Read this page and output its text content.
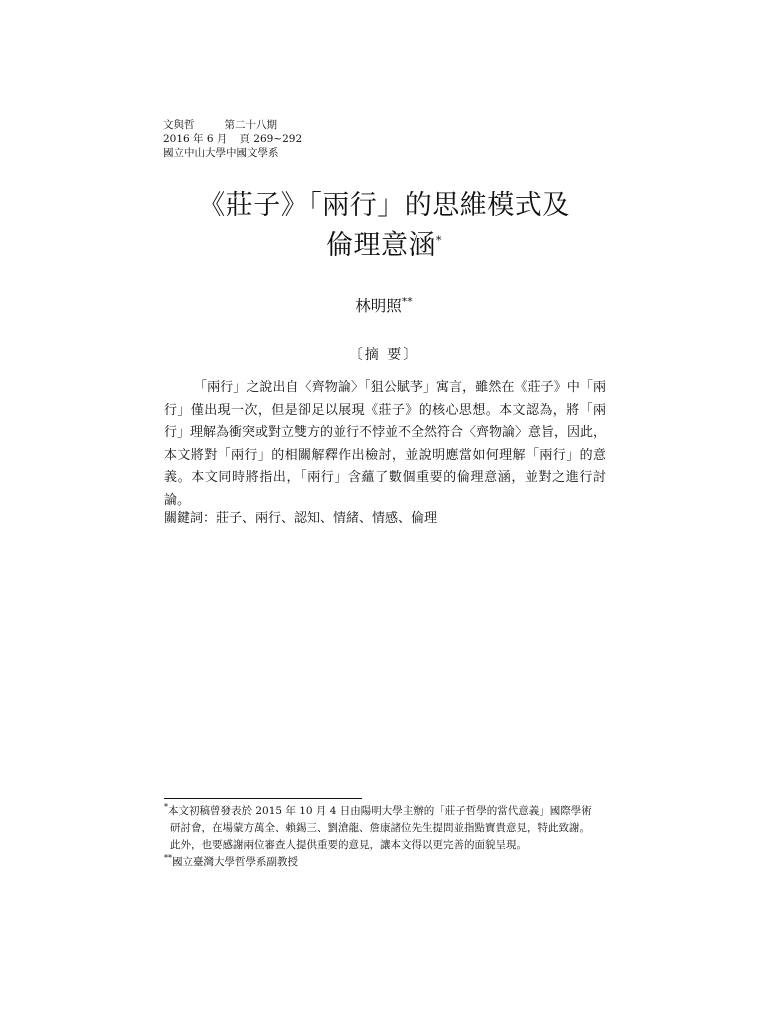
文與哲	第二十八期
2016 年 6 月 頁 269~292
國立中山大學中國文學系
《莊子》「兩行」的思維模式及
倫理意涵*
林明照**
〔摘 要〕
「兩行」之說出自〈齊物論〉「狙公賦芧」寓言，雖然在《莊子》中「兩行」僅出現一次，但是卻足以展現《莊子》的核心思想。本文認為，將「兩行」理解為衝突或對立雙方的並行不悖並不全然符合〈齊物論〉意旨，因此，本文將對「兩行」的相關解釋作出檢討，並說明應當如何理解「兩行」的意義。本文同時將指出，「兩行」含蘊了數個重要的倫理意涵，並對之進行討論。
關鍵詞：莊子、兩行、認知、情緒、情感、倫理
*本文初稿曾發表於 2015 年 10 月 4 日由陽明大學主辦的「莊子哲學的當代意義」國際學術
研討會，在場蒙方萬全、賴錫三、劉滄龍、詹康諸位先生提問並指點寶貴意見，特此致謝。
此外，也要感謝兩位審查人提供重要的意見，讓本文得以更完善的面貌呈現。
**國立臺灣大學哲學系副教授
